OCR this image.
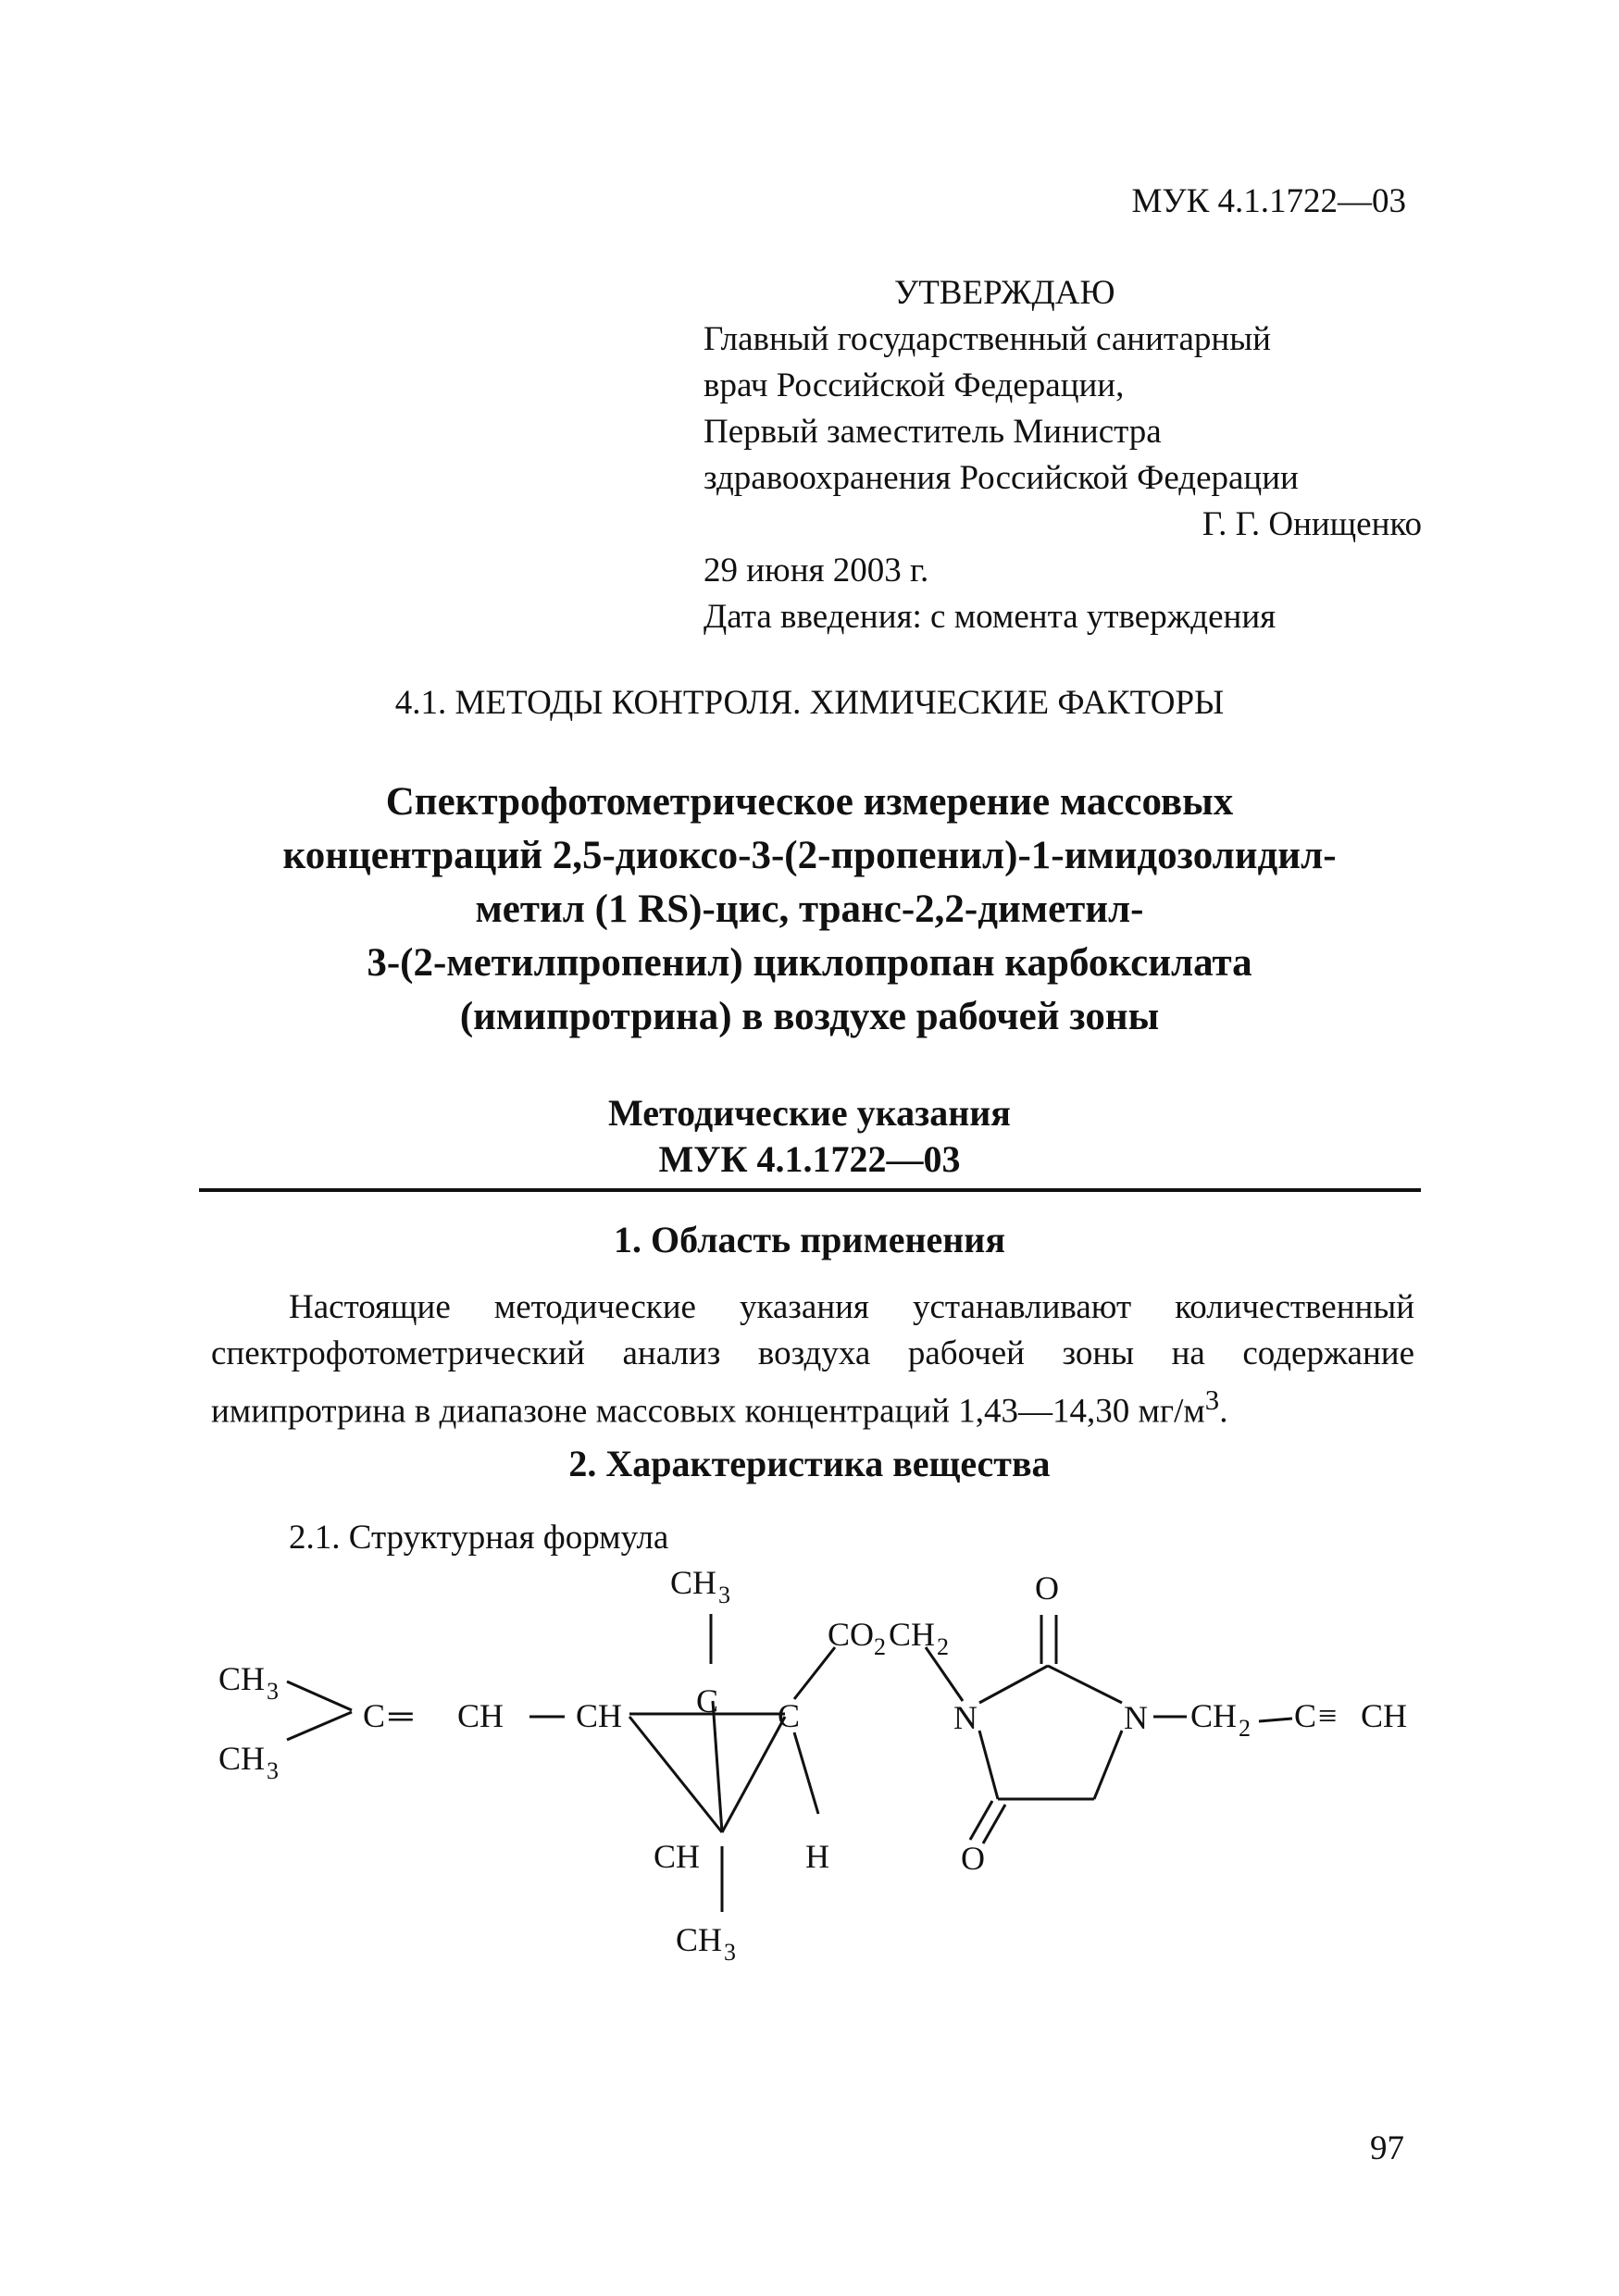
МУК 4.1.1722—03
УТВЕРЖДАЮ
Главный государственный санитарный
врач Российской Федерации,
Первый заместитель Министра
здравоохранения Российской Федерации
Г. Г. Онищенко
29 июня 2003 г.
Дата введения: с момента утверждения
4.1. МЕТОДЫ КОНТРОЛЯ. ХИМИЧЕСКИЕ ФАКТОРЫ
Спектрофотометрическое измерение массовых
концентраций 2,5-диоксо-3-(2-пропенил)-1-имидозолидил-
метил (1 RS)-цис, транс-2,2-диметил-
3-(2-метилпропенил) циклопропан карбоксилата
(имипротрина) в воздухе рабочей зоны
Методические указания
МУК 4.1.1722—03
1. Область применения
Настоящие методические указания устанавливают количественный спектрофотометрический анализ воздуха рабочей зоны на содержание имипротрина в диапазоне массовых концентраций 1,43—14,30 $мг/м^3$.
2. Характеристика вещества
2.1. Структурная формула
CH 3
CH 3
C ═ CH CH
CH 3
C C
CH	H
CH 3
CO 2 CH 2
O
N	N
O
CH 2 C ≡ CH
97
